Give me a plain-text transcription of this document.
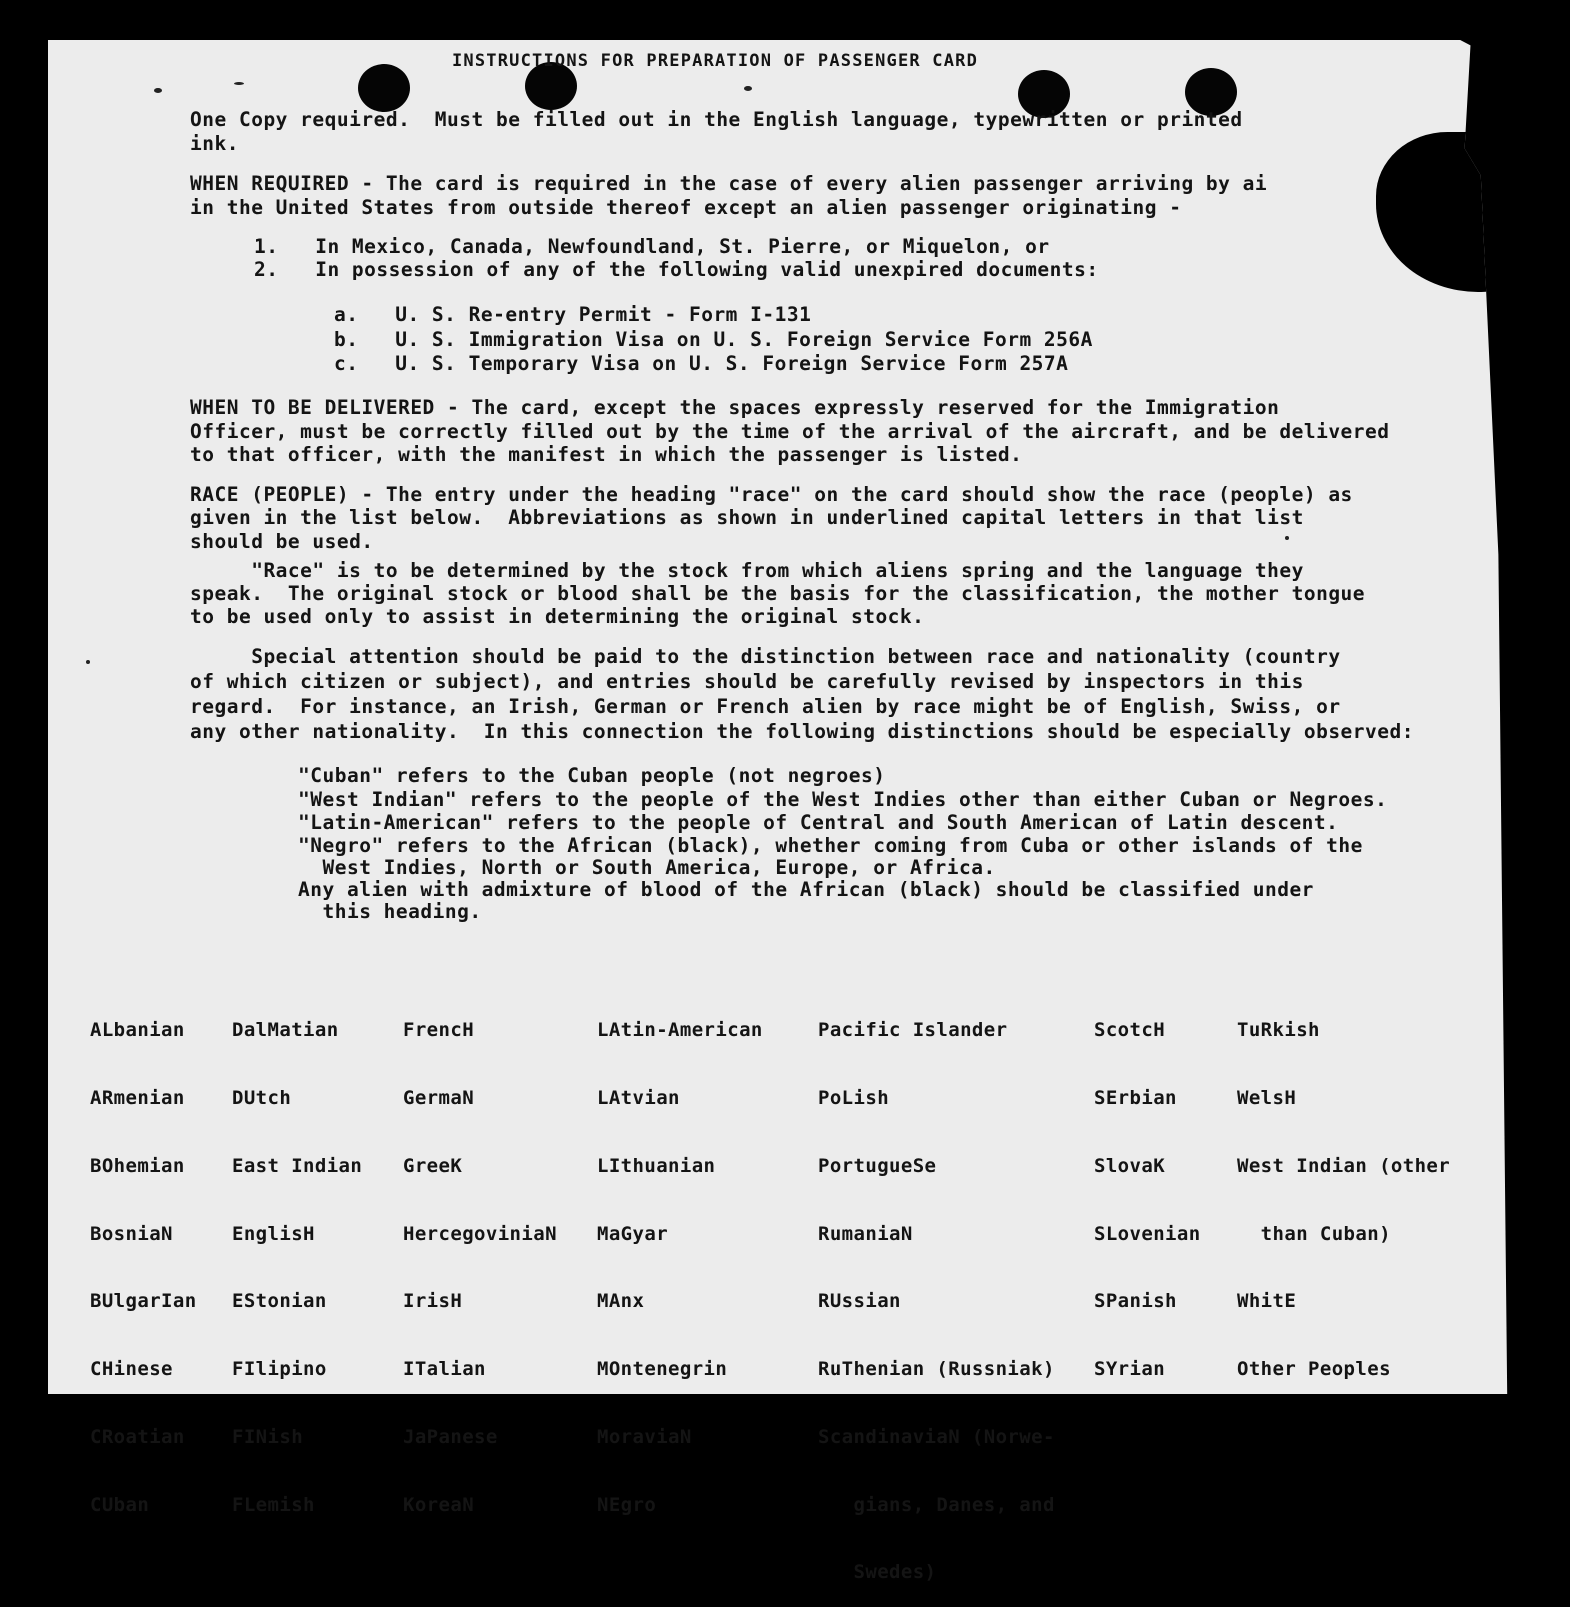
INSTRUCTIONS FOR PREPARATION OF PASSENGER CARD

One Copy required.  Must be filled out in the English language, typewritten or printed

ink.

WHEN REQUIRED - The card is required in the case of every alien passenger arriving by ai

in the United States from outside thereof except an alien passenger originating -

1.   In Mexico, Canada, Newfoundland, St. Pierre, or Miquelon, or

2.   In possession of any of the following valid unexpired documents:

a.   U. S. Re-entry Permit - Form I-131

b.   U. S. Immigration Visa on U. S. Foreign Service Form 256A

c.   U. S. Temporary Visa on U. S. Foreign Service Form 257A

WHEN TO BE DELIVERED - The card, except the spaces expressly reserved for the Immigration

Officer, must be correctly filled out by the time of the arrival of the aircraft, and be delivered

to that officer, with the manifest in which the passenger is listed.

RACE (PEOPLE) - The entry under the heading "race" on the card should show the race (people) as

given in the list below.  Abbreviations as shown in underlined capital letters in that list

should be used.

"Race" is to be determined by the stock from which aliens spring and the language they

speak.  The original stock or blood shall be the basis for the classification, the mother tongue

to be used only to assist in determining the original stock.

Special attention should be paid to the distinction between race and nationality (country

of which citizen or subject), and entries should be carefully revised by inspectors in this

regard.  For instance, an Irish, German or French alien by race might be of English, Swiss, or

any other nationality.  In this connection the following distinctions should be especially observed:

"Cuban" refers to the Cuban people (not negroes)

"West Indian" refers to the people of the West Indies other than either Cuban or Negroes.

"Latin-American" refers to the people of Central and South American of Latin descent.

"Negro" refers to the African (black), whether coming from Cuba or other islands of the

West Indies, North or South America, Europe, or Africa.

Any alien with admixture of blood of the African (black) should be classified under

this heading.

ALbanian

ARmenian

BOhemian

BosniaN

BUlgarIan

CHinese

CRoatian

CUban

DalMatian

DUtch

East Indian

EnglisH

EStonian

FIlipino

FINish

FLemish

FrencH

GermaN

GreeK

HercegoviniaN

IrisH

ITalian

JaPanese

KoreaN

LAtin-American

LAtvian

LIthuanian

MaGyar

MAnx

MOntenegrin

MoraviaN

NEgro

Pacific Islander

PoLish

PortugueSe

RumaniaN

RUssian

RuThenian (Russniak)

ScandinaviaN (Norwe-

gians, Danes, and

Swedes)

ScotcH

SErbian

SlovaK

SLovenian

SPanish

SYrian

TuRkish

WelsH

West Indian (other

than Cuban)

WhitE

Other Peoples
